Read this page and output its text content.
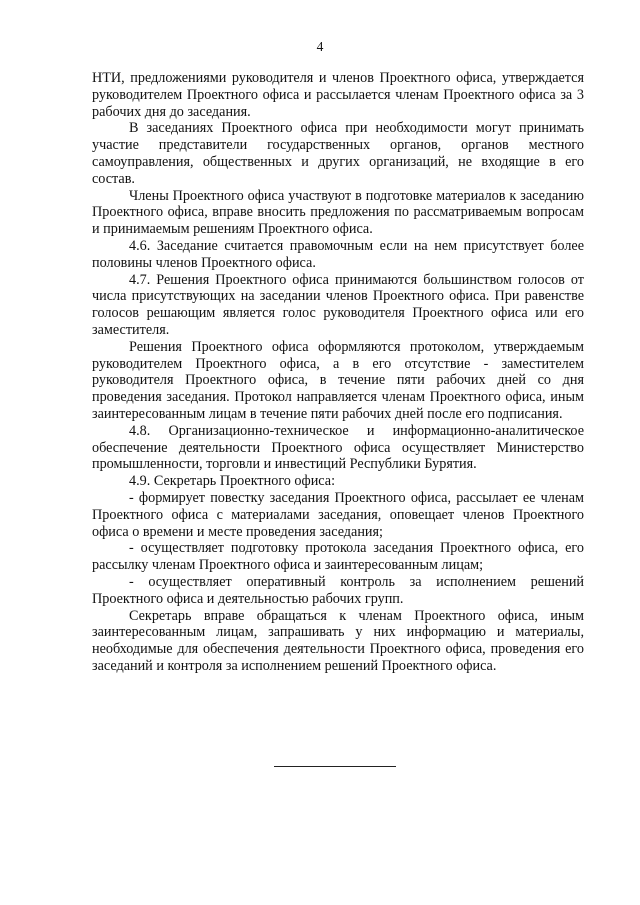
4

НТИ, предложениями руководителя и членов Проектного офиса, утверждается руководителем Проектного офиса и рассылается членам Проектного офиса за 3 рабочих дня до заседания.

В заседаниях Проектного офиса при необходимости могут принимать участие представители государственных органов, органов местного самоуправления, общественных и других организаций, не входящие в его состав.

Члены Проектного офиса участвуют в подготовке материалов к заседанию Проектного офиса, вправе вносить предложения по рассматриваемым вопросам и принимаемым решениям Проектного офиса.

4.6. Заседание считается правомочным если на нем присутствует более половины членов Проектного офиса.

4.7. Решения Проектного офиса принимаются большинством голосов от числа присутствующих на заседании членов Проектного офиса. При равенстве голосов решающим является голос руководителя Проектного офиса или его заместителя.

Решения Проектного офиса оформляются протоколом, утверждаемым руководителем Проектного офиса, а в его отсутствие - заместителем руководителя Проектного офиса, в течение пяти рабочих дней со дня проведения заседания. Протокол направляется членам Проектного офиса, иным заинтересованным лицам в течение пяти рабочих дней после его подписания.

4.8. Организационно-техническое и информационно-аналитическое обеспечение деятельности Проектного офиса осуществляет Министерство промышленности, торговли и инвестиций Республики Бурятия.

4.9. Секретарь Проектного офиса:

- формирует повестку заседания Проектного офиса, рассылает ее членам Проектного офиса с материалами заседания, оповещает членов Проектного офиса о времени и месте проведения заседания;

- осуществляет подготовку протокола заседания Проектного офиса, его рассылку членам Проектного офиса и заинтересованным лицам;

- осуществляет оперативный контроль за исполнением решений Проектного офиса и деятельностью рабочих групп.

Секретарь вправе обращаться к членам Проектного офиса, иным заинтересованным лицам, запрашивать у них информацию и материалы, необходимые для обеспечения деятельности Проектного офиса, проведения его заседаний и контроля за исполнением решений Проектного офиса.
